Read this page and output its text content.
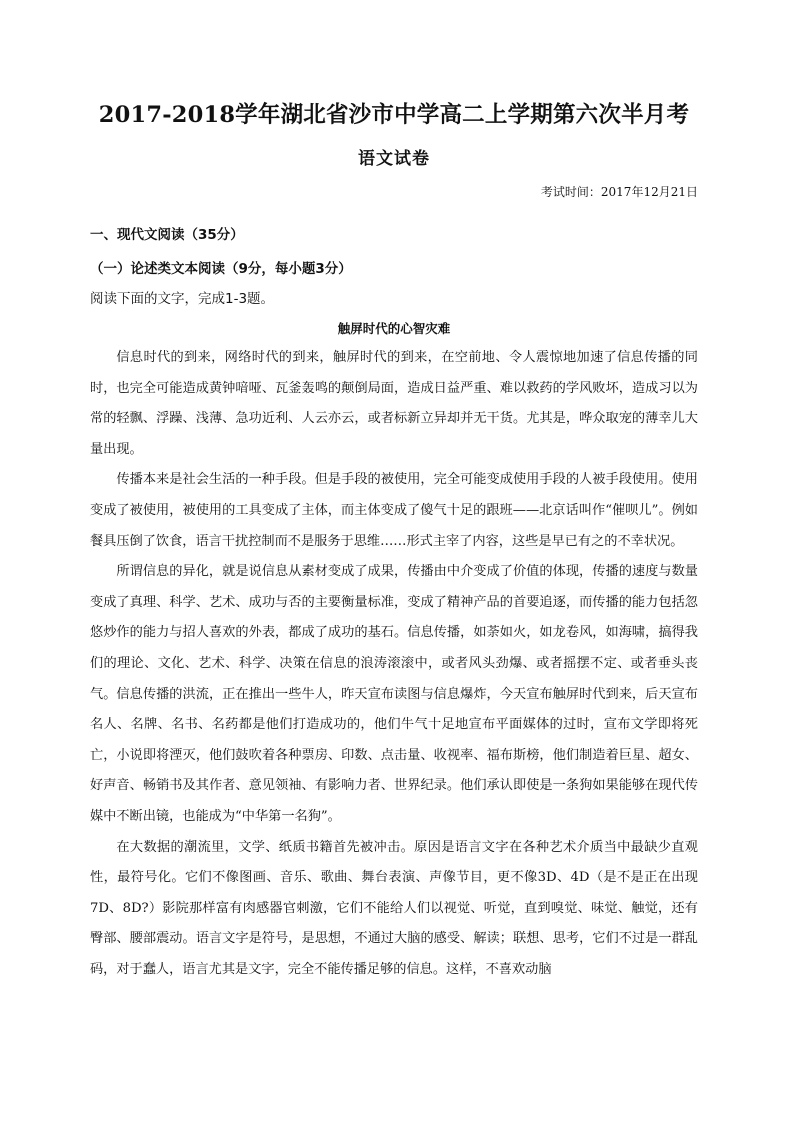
2017-2018学年湖北省沙市中学高二上学期第六次半月考
语文试卷
考试时间：2017年12月21日
一、现代文阅读（35分）
（一）论述类文本阅读（9分，每小题3分）
阅读下面的文字，完成1-3题。
触屏时代的心智灾难

信息时代的到来，网络时代的到来，触屏时代的到来，在空前地、令人震惊地加速了信息传播的同时，也完全可能造成黄钟喑哑、瓦釜轰鸣的颠倒局面，造成日益严重、难以救药的学风败坏，造成习以为常的轻飘、浮躁、浅薄、急功近利、人云亦云，或者标新立异却并无干货。尤其是，哗众取宠的薄幸儿大量出现。

传播本来是社会生活的一种手段。但是手段的被使用，完全可能变成使用手段的人被手段使用。使用变成了被使用，被使用的工具变成了主体，而主体变成了傻气十足的跟班——北京话叫作“催呗儿”。例如餐具压倒了饮食，语言干扰控制而不是服务于思维……形式主宰了内容，这些是早已有之的不幸状况。

所谓信息的异化，就是说信息从素材变成了成果，传播由中介变成了价值的体现，传播的速度与数量变成了真理、科学、艺术、成功与否的主要衡量标准，变成了精神产品的首要追逐，而传播的能力包括忽悠炒作的能力与招人喜欢的外表，都成了成功的基石。信息传播，如荼如火，如龙卷风，如海啸，搞得我们的理论、文化、艺术、科学、决策在信息的浪涛滚滚中，或者风头劲爆、或者摇摆不定、或者垂头丧气。信息传播的洪流，正在推出一些牛人，昨天宣布读图与信息爆炸，今天宣布触屏时代到来，后天宣布名人、名牌、名书、名药都是他们打造成功的，他们牛气十足地宣布平面媒体的过时，宣布文学即将死亡，小说即将湮灭，他们鼓吹着各种票房、印数、点击量、收视率、福布斯榜，他们制造着巨星、超女、好声音、畅销书及其作者、意见领袖、有影响力者、世界纪录。他们承认即使是一条狗如果能够在现代传媒中不断出镜，也能成为“中华第一名狗”。

在大数据的潮流里，文学、纸质书籍首先被冲击。原因是语言文字在各种艺术介质当中最缺少直观性，最符号化。它们不像图画、音乐、歌曲、舞台表演、声像节目，更不像3D、4D（是不是正在出现7D、8D?）影院那样富有肉感器官刺激，它们不能给人们以视觉、听觉，直到嗅觉、味觉、触觉，还有臀部、腰部震动。语言文字是符号，是思想，不通过大脑的感受、解读；联想、思考，它们不过是一群乱码，对于蠢人，语言尤其是文字，完全不能传播足够的信息。这样，不喜欢动脑
